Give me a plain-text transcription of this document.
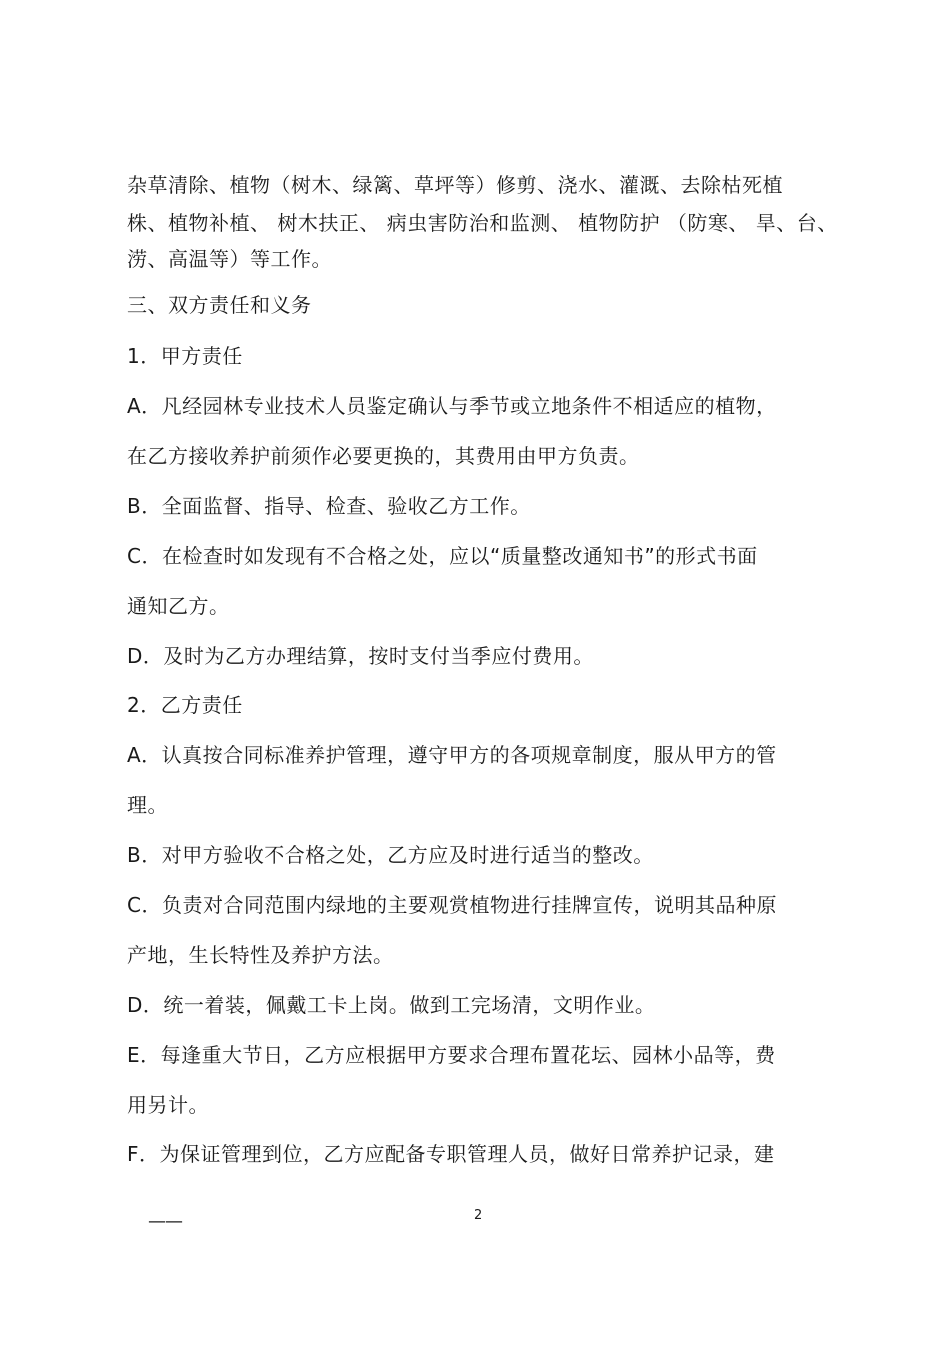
杂草清除、植物（树木、绿篱、草坪等）修剪、浇水、灌溉、去除枯死植
株、植物补植、 树木扶正、 病虫害防治和监测、 植物防护 （防寒、 旱、台、
涝、高温等）等工作。
三、双方责任和义务
1．甲方责任
A．凡经园林专业技术人员鉴定确认与季节或立地条件不相适应的植物，
在乙方接收养护前须作必要更换的，其费用由甲方负责。
B．全面监督、指导、检查、验收乙方工作。
C．在检查时如发现有不合格之处，应以“质量整改通知书”的形式书面
通知乙方。
D．及时为乙方办理结算，按时支付当季应付费用。
2．乙方责任
A．认真按合同标准养护管理，遵守甲方的各项规章制度，服从甲方的管
理。
B．对甲方验收不合格之处，乙方应及时进行适当的整改。
C．负责对合同范围内绿地的主要观赏植物进行挂牌宣传，说明其品种原
产地，生长特性及养护方法。
D．统一着装，佩戴工卡上岗。做到工完场清，文明作业。
E．每逢重大节日，乙方应根据甲方要求合理布置花坛、园林小品等，费
用另计。
F．为保证管理到位，乙方应配备专职管理人员，做好日常养护记录，建
——	2
